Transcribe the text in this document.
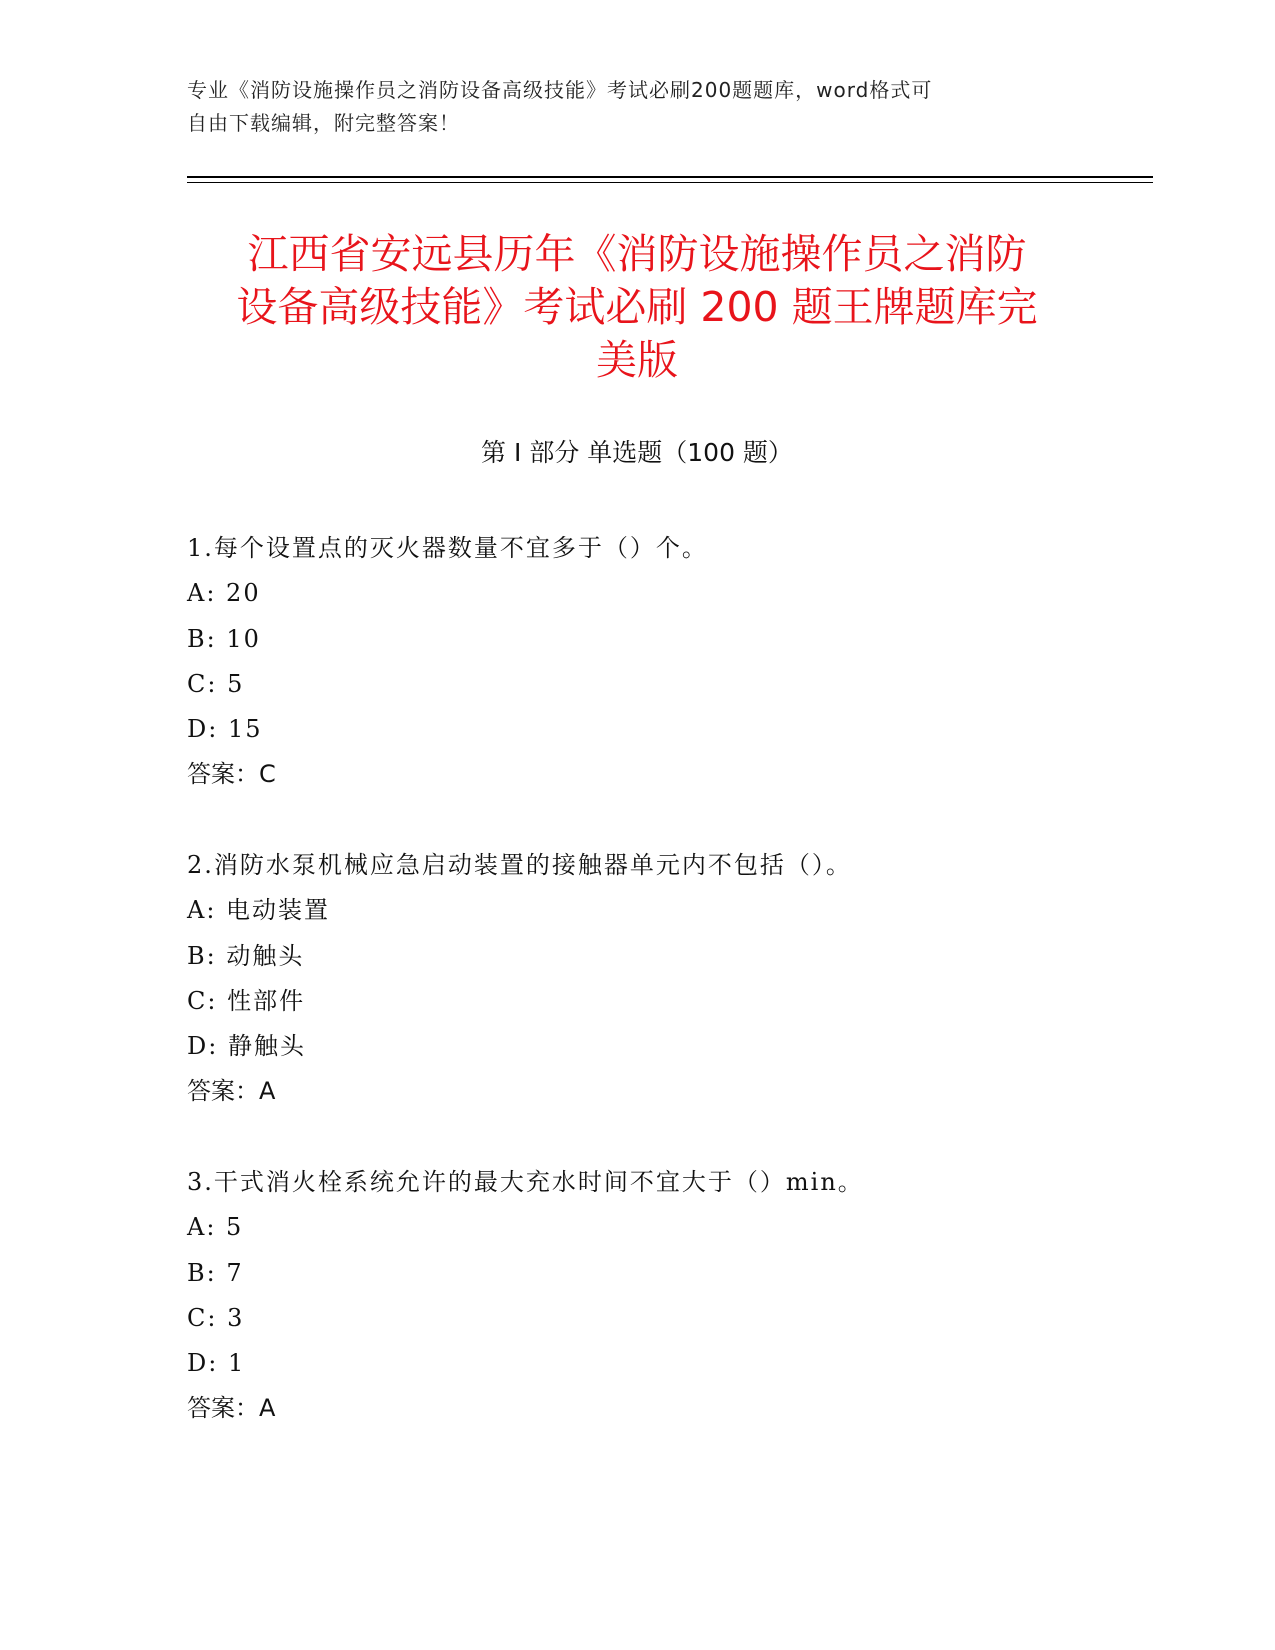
专业《消防设施操作员之消防设备高级技能》考试必刷200题题库，word格式可
自由下载编辑，附完整答案！
江西省安远县历年《消防设施操作员之消防
设备高级技能》考试必刷 200 题王牌题库完
美版
第 I 部分 单选题（100 题）
1.每个设置点的灭火器数量不宜多于（）个。
A: 20
B: 10
C: 5
D: 15
答案：C
2.消防水泵机械应急启动装置的接触器单元内不包括（）。
A: 电动装置
B: 动触头
C: 性部件
D: 静触头
答案：A
3.干式消火栓系统允许的最大充水时间不宜大于（）min。
A: 5
B: 7
C: 3
D: 1
答案：A
